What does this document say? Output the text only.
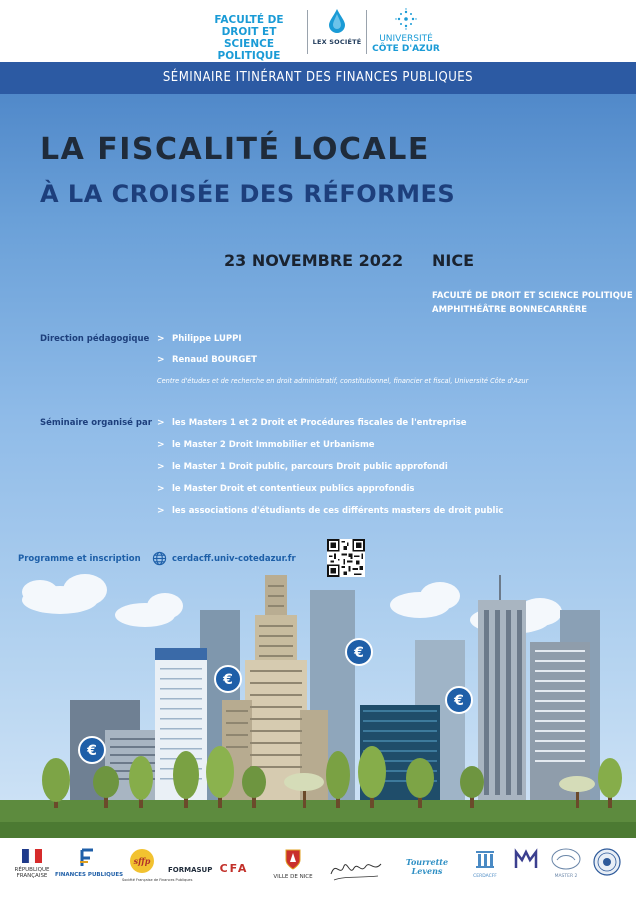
FACULTÉ DE DROIT ET SCIENCE POLITIQUE
LEX SOCIÉTÉ	UNIVERSITÉ
CÔTE D'AZUR
SÉMINAIRE ITINÉRANT DES FINANCES PUBLIQUES
LA FISCALITÉ LOCALE
À LA CROISÉE DES RÉFORMES
23 NOVEMBRE 2022 NICE
FACULTÉ DE DROIT ET SCIENCE POLITIQUE
AMPHITHÉÂTRE BONNECARRÈRE
Direction pédagogique > Philippe LUPPI
> Renaud BOURGET
Centre d'études et de recherche en droit administratif, constitutionnel, financier et fiscal, Université Côte d'Azur
Séminaire organisé par > les Masters 1 et 2 Droit et Procédures fiscales de l'entreprise
> le Master 2 Droit Immobilier et Urbanisme
> le Master 1 Droit public, parcours Droit public approfondi
> le Master Droit et contentieux publics approfondis
> les associations d'étudiants de ces différents masters de droit public
Programme et inscription	cerdacff.univ-cotedazur.fr
€
€
€
€
RÉPUBLIQUE FRANÇAISE	FINANCES PUBLIQUES
sffp
Société Française de Finances Publiques
FORMASUP CFA
VILLE DE NICE
Tourrette Levens
CERDACFF	MASTER 2
